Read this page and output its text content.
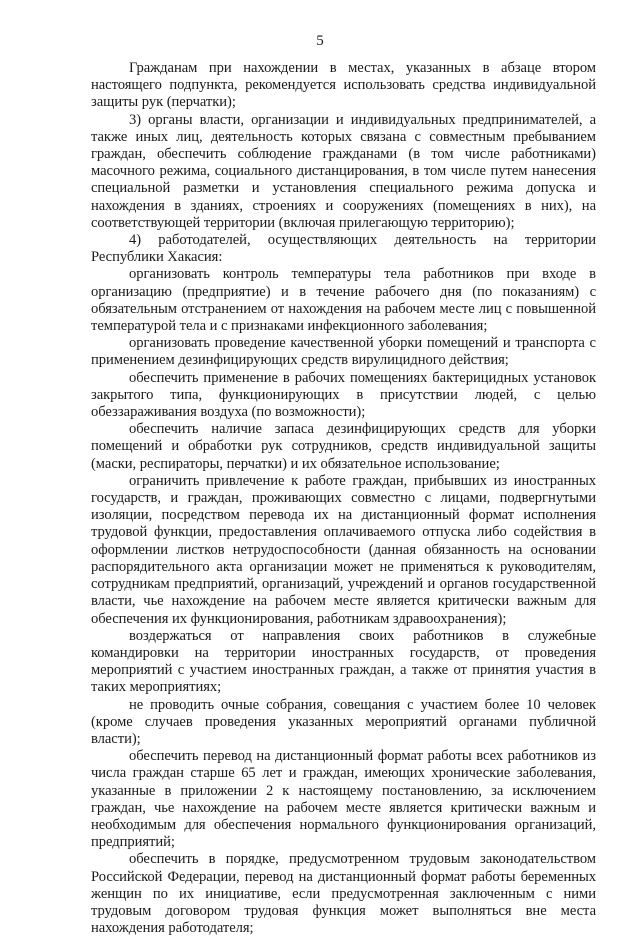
5

Гражданам при нахождении в местах, указанных в абзаце втором настоящего подпункта, рекомендуется использовать средства индивидуальной защиты рук (перчатки);

3) органы власти, организации и индивидуальных предпринимателей, а также иных лиц, деятельность которых связана с совместным пребыванием граждан, обеспечить соблюдение гражданами (в том числе работниками) масочного режима, социального дистанцирования, в том числе путем нанесения специальной разметки и установления специального режима допуска и нахождения в зданиях, строениях и сооружениях (помещениях в них), на соответствующей территории (включая прилегающую территорию);

4) работодателей, осуществляющих деятельность на территории Республики Хакасия:

организовать контроль температуры тела работников при входе в организацию (предприятие) и в течение рабочего дня (по показаниям) с обязательным отстранением от нахождения на рабочем месте лиц с повышенной температурой тела и с признаками инфекционного заболевания;

организовать проведение качественной уборки помещений и транспорта с применением дезинфицирующих средств вирулицидного действия;

обеспечить применение в рабочих помещениях бактерицидных установок закрытого типа, функционирующих в присутствии людей, с целью обеззараживания воздуха (по возможности);

обеспечить наличие запаса дезинфицирующих средств для уборки помещений и обработки рук сотрудников, средств индивидуальной защиты (маски, респираторы, перчатки) и их обязательное использование;

ограничить привлечение к работе граждан, прибывших из иностранных государств, и граждан, проживающих совместно с лицами, подвергнутыми изоляции, посредством перевода их на дистанционный формат исполнения трудовой функции, предоставления оплачиваемого отпуска либо содействия в оформлении листков нетрудоспособности (данная обязанность на основании распорядительного акта организации может не применяться к руководителям, сотрудникам предприятий, организаций, учреждений и органов государственной власти, чье нахождение на рабочем месте является критически важным для обеспечения их функционирования, работникам здравоохранения);

воздержаться от направления своих работников в служебные командировки на территории иностранных государств, от проведения мероприятий с участием иностранных граждан, а также от принятия участия в таких мероприятиях;

не проводить очные собрания, совещания с участием более 10 человек (кроме случаев проведения указанных мероприятий органами публичной власти);

обеспечить перевод на дистанционный формат работы всех работников из числа граждан старше 65 лет и граждан, имеющих хронические заболевания, указанные в приложении 2 к настоящему постановлению, за исключением граждан, чье нахождение на рабочем месте является критически важным и необходимым для обеспечения нормального функционирования организаций, предприятий;

обеспечить в порядке, предусмотренном трудовым законодательством Российской Федерации, перевод на дистанционный формат работы беременных женщин по их инициативе, если предусмотренная заключенным с ними трудовым договором трудовая функция может выполняться вне места нахождения работодателя;
